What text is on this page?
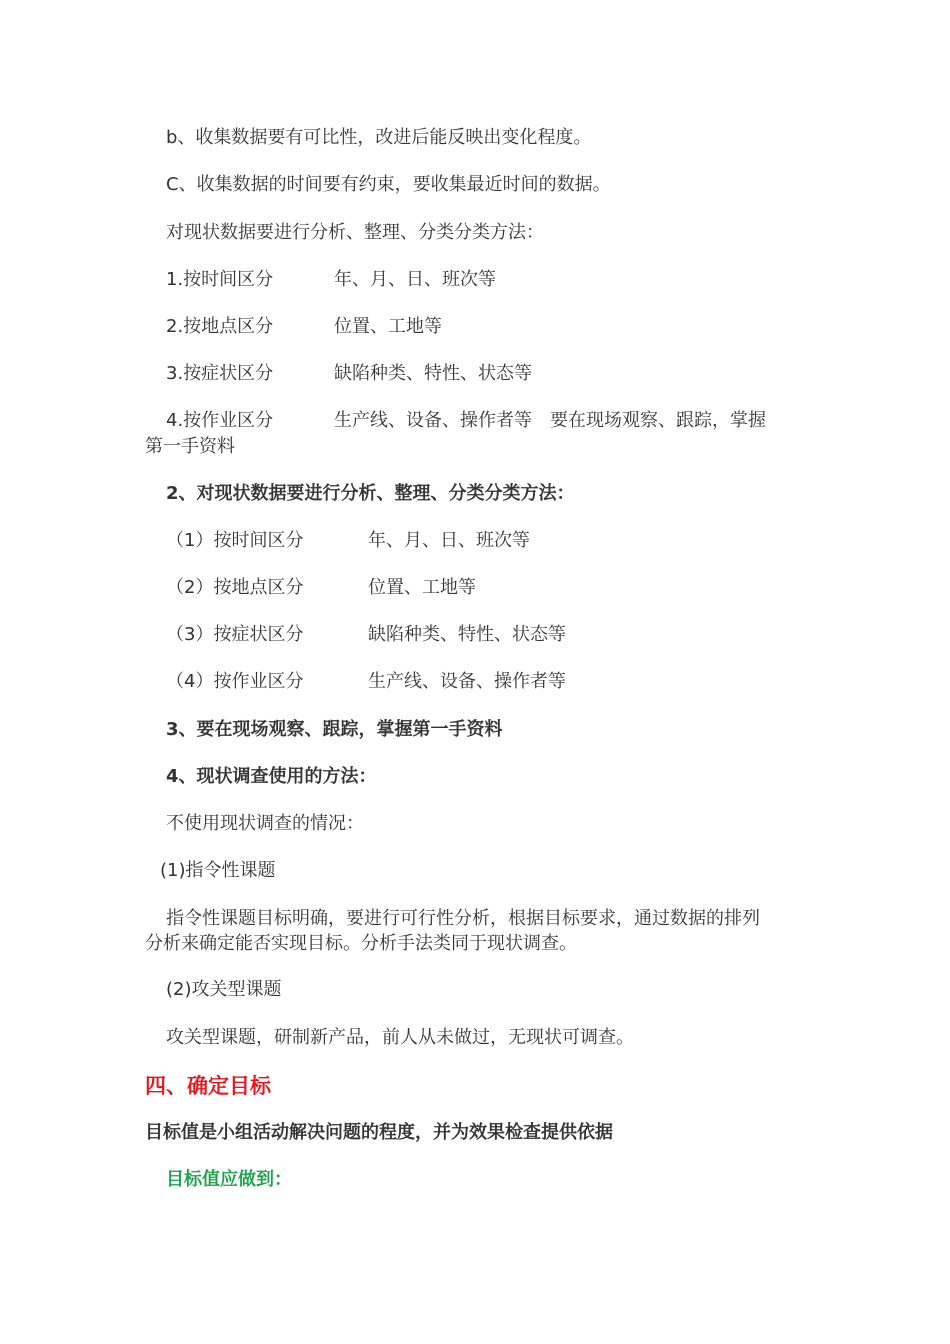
b、收集数据要有可比性，改进后能反映出变化程度。
C、收集数据的时间要有约束，要收集最近时间的数据。
对现状数据要进行分析、整理、分类分类方法：
1.按时间区分	年、月、日、班次等
2.按地点区分	位置、工地等
3.按症状区分	缺陷种类、特性、状态等
4.按作业区分	生产线、设备、操作者等　要在现场观察、跟踪，掌握
第一手资料
2、对现状数据要进行分析、整理、分类分类方法：
（1）按时间区分	年、月、日、班次等
（2）按地点区分	位置、工地等
（3）按症状区分	缺陷种类、特性、状态等
（4）按作业区分	生产线、设备、操作者等
3、要在现场观察、跟踪，掌握第一手资料
4、现状调查使用的方法：
不使用现状调查的情况：
(1)指令性课题
指令性课题目标明确，要进行可行性分析，根据目标要求，通过数据的排列
分析来确定能否实现目标。分析手法类同于现状调查。
(2)攻关型课题
攻关型课题，研制新产品，前人从未做过，无现状可调查。
四、确定目标
目标值是小组活动解决问题的程度，并为效果检查提供依据
目标值应做到：
